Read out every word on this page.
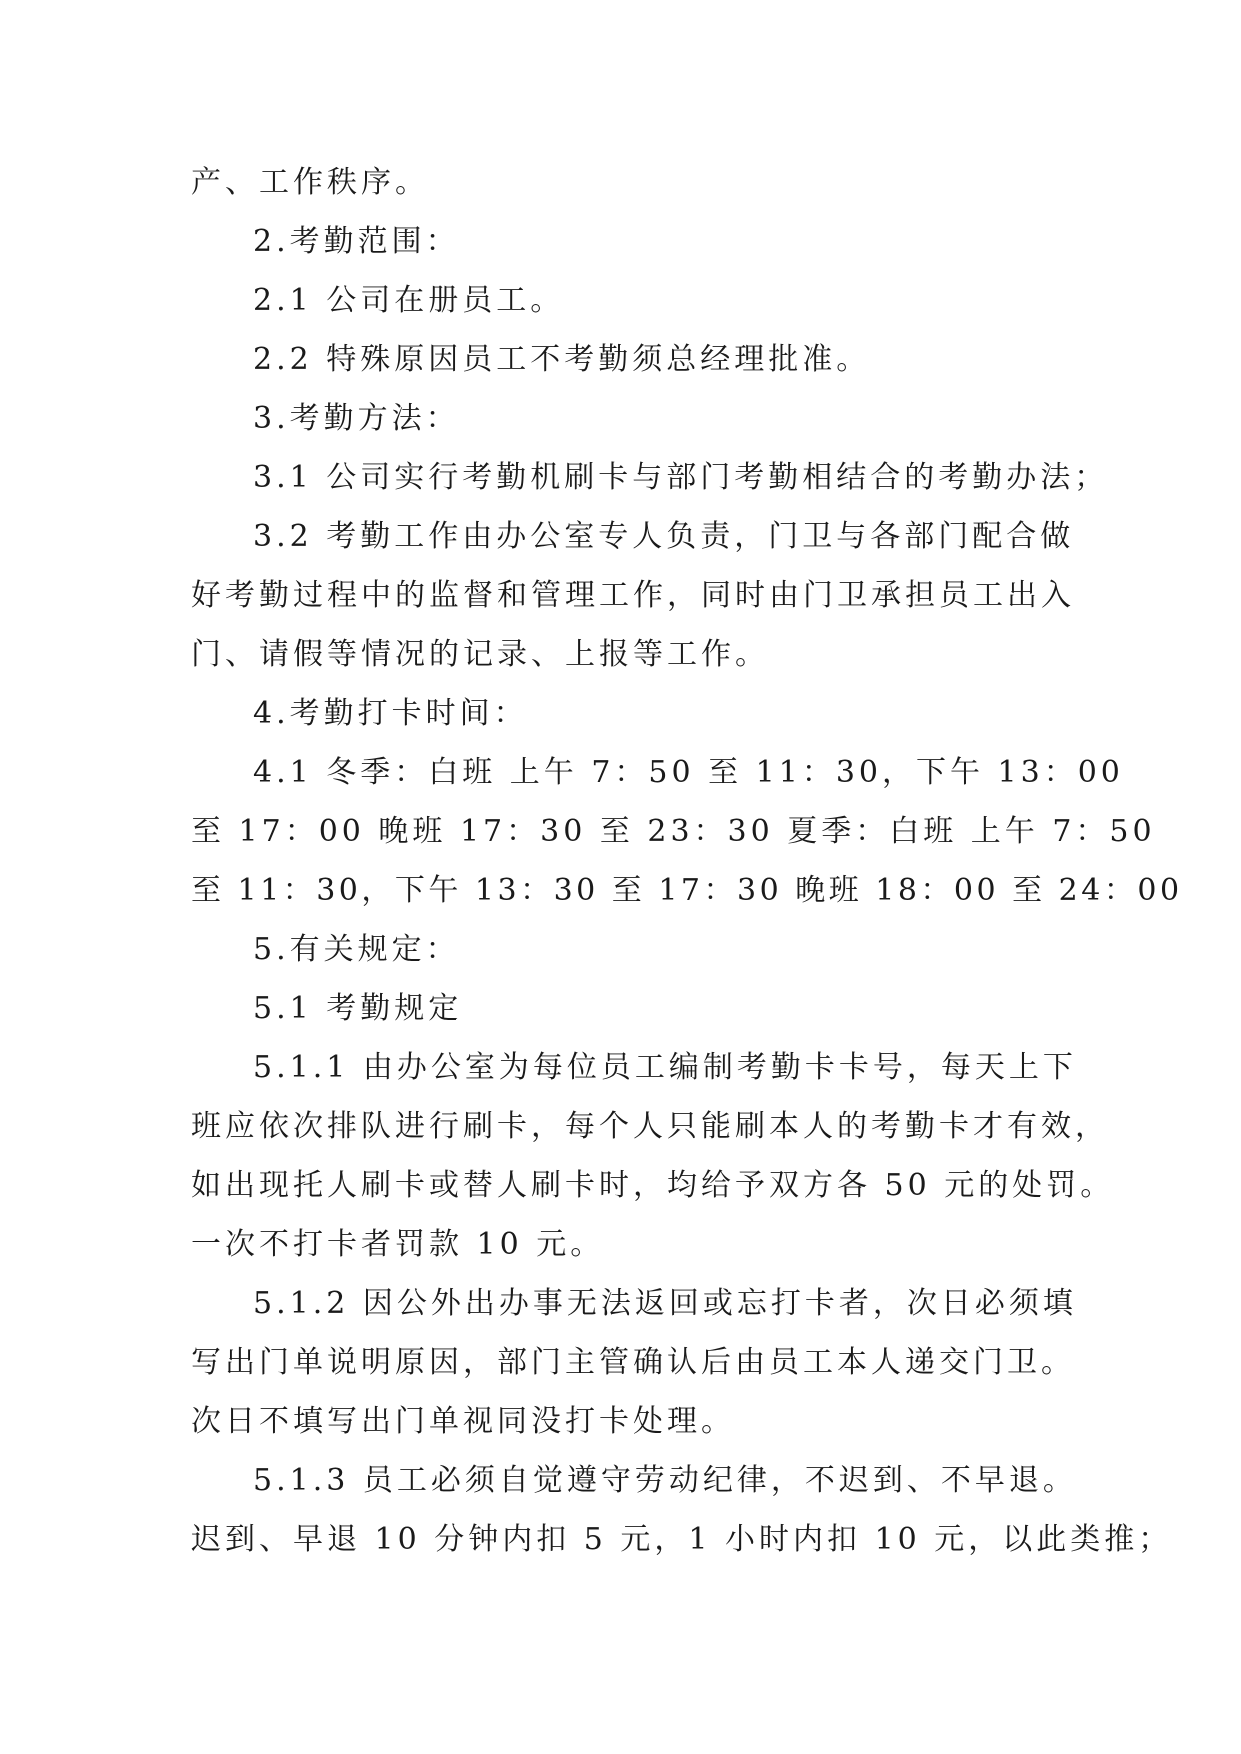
产、工作秩序。
2.考勤范围：
2.1 公司在册员工。
2.2 特殊原因员工不考勤须总经理批准。
3.考勤方法：
3.1 公司实行考勤机刷卡与部门考勤相结合的考勤办法；
3.2 考勤工作由办公室专人负责，门卫与各部门配合做
好考勤过程中的监督和管理工作，同时由门卫承担员工出入
门、请假等情况的记录、上报等工作。
4.考勤打卡时间：
4.1 冬季：白班 上午 7：50 至 11：30，下午 13：00
至 17：00 晚班 17：30 至 23：30 夏季：白班 上午 7：50
至 11：30，下午 13：30 至 17：30 晚班 18：00 至 24：00
5.有关规定：
5.1 考勤规定
5.1.1 由办公室为每位员工编制考勤卡卡号，每天上下
班应依次排队进行刷卡，每个人只能刷本人的考勤卡才有效，
如出现托人刷卡或替人刷卡时，均给予双方各 50 元的处罚。
一次不打卡者罚款 10 元。
5.1.2 因公外出办事无法返回或忘打卡者，次日必须填
写出门单说明原因，部门主管确认后由员工本人递交门卫。
次日不填写出门单视同没打卡处理。
5.1.3 员工必须自觉遵守劳动纪律，不迟到、不早退。
迟到、早退 10 分钟内扣 5 元，1 小时内扣 10 元，以此类推；
